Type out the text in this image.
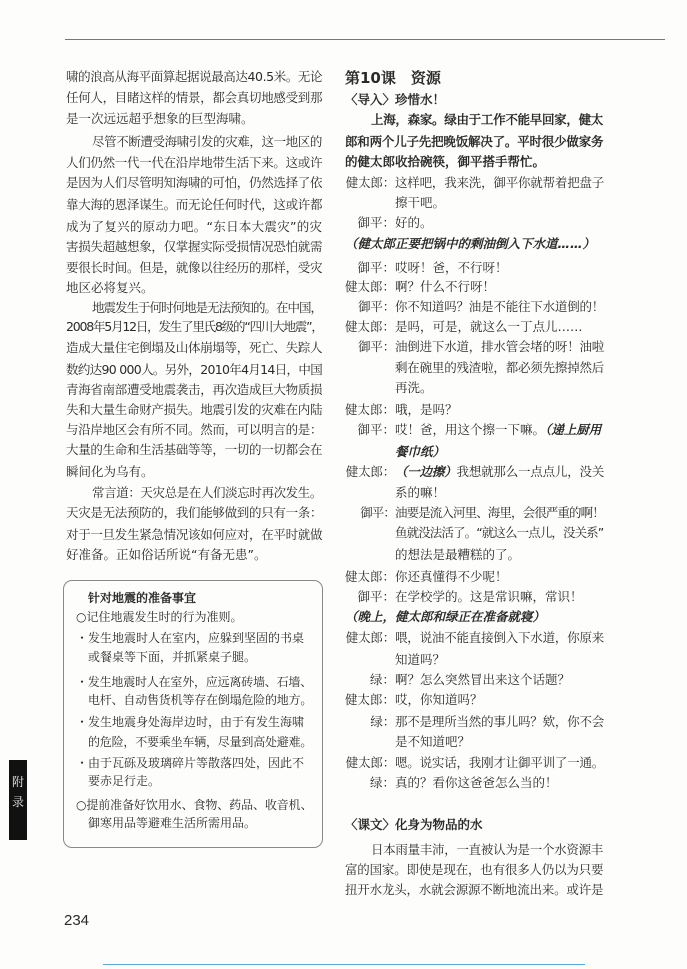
啸的浪高从海平面算起据说最高达40.5米。无论
任何人，目睹这样的情景，都会真切地感受到那
是一次远远超乎想象的巨型海啸。
尽管不断遭受海啸引发的灾难，这一地区的
人们仍然一代一代在沿岸地带生活下来。这或许
是因为人们尽管明知海啸的可怕，仍然选择了依
靠大海的恩泽谋生。而无论任何时代，这或许都
成为了复兴的原动力吧。“东日本大震灾”的灾
害损失超越想象，仅掌握实际受损情况恐怕就需
要很长时间。但是，就像以往经历的那样，受灾
地区必将复兴。
地震发生于何时何地是无法预知的。在中国，
2008年5月12日，发生了里氏8级的“四川大地震”，
造成大量住宅倒塌及山体崩塌等，死亡、失踪人
数约达90 000人。另外，2010年4月14日，中国
青海省南部遭受地震袭击，再次造成巨大物质损
失和大量生命财产损失。地震引发的灾难在内陆
与沿岸地区会有所不同。然而，可以明言的是：
大量的生命和生活基础等等，一切的一切都会在
瞬间化为乌有。
常言道：天灾总是在人们淡忘时再次发生。
天灾是无法预防的，我们能够做到的只有一条：
对于一旦发生紧急情况该如何应对，在平时就做
好准备。正如俗话所说“有备无患”。
针对地震的准备事宜
○记住地震发生时的行为准则。
・发生地震时人在室内，应躲到坚固的书桌
或餐桌等下面，并抓紧桌子腿。
・发生地震时人在室外，应远离砖墙、石墙、
电杆、自动售货机等存在倒塌危险的地方。
・发生地震身处海岸边时，由于有发生海啸
的危险，不要乘坐车辆，尽量到高处避难。
・由于瓦砾及玻璃碎片等散落四处，因此不
要赤足行走。
○提前准备好饮用水、食物、药品、收音机、
御寒用品等避难生活所需用品。
第10课　资源
〈导入〉珍惜水！
上海，森家。绿由于工作不能早回家，健太
郎和两个儿子先把晚饭解决了。平时很少做家务
的健太郎收拾碗筷，御平搭手帮忙。
健太郎：这样吧，我来洗，御平你就帮着把盘子
擦干吧。
御平：好的。
（健太郎正要把锅中的剩油倒入下水道……）
御平：哎呀！爸，不行呀！
健太郎：啊？什么不行呀！
御平：你不知道吗？油是不能往下水道倒的！
健太郎：是吗，可是，就这么一丁点儿……
御平：油倒进下水道，排水管会堵的呀！油啦
剩在碗里的残渣啦，都必须先擦掉然后
再洗。
健太郎：哦，是吗？
御平：哎！爸，用这个擦一下嘛。（递上厨用
餐巾纸）
健太郎：（一边擦）我想就那么一点点儿，没关
系的嘛！
御平：油要是流入河里、海里，会很严重的啊！
鱼就没法活了。“就这么一点儿，没关系”
的想法是最糟糕的了。
健太郎：你还真懂得不少呢！
御平：在学校学的。这是常识嘛，常识！
（晚上，健太郎和绿正在准备就寝）
健太郎：喂，说油不能直接倒入下水道，你原来
知道吗？
绿：啊？怎么突然冒出来这个话题？
健太郎：哎，你知道吗？
绿：那不是理所当然的事儿吗？欸，你不会
是不知道吧？
健太郎：嗯。说实话，我刚才让御平训了一通。
绿：真的？看你这爸爸怎么当的！
〈课文〉化身为物品的水
日本雨量丰沛，一直被认为是一个水资源丰
富的国家。即使是现在，也有很多人仍以为只要
扭开水龙头，水就会源源不断地流出来。或许是
附
录
234
